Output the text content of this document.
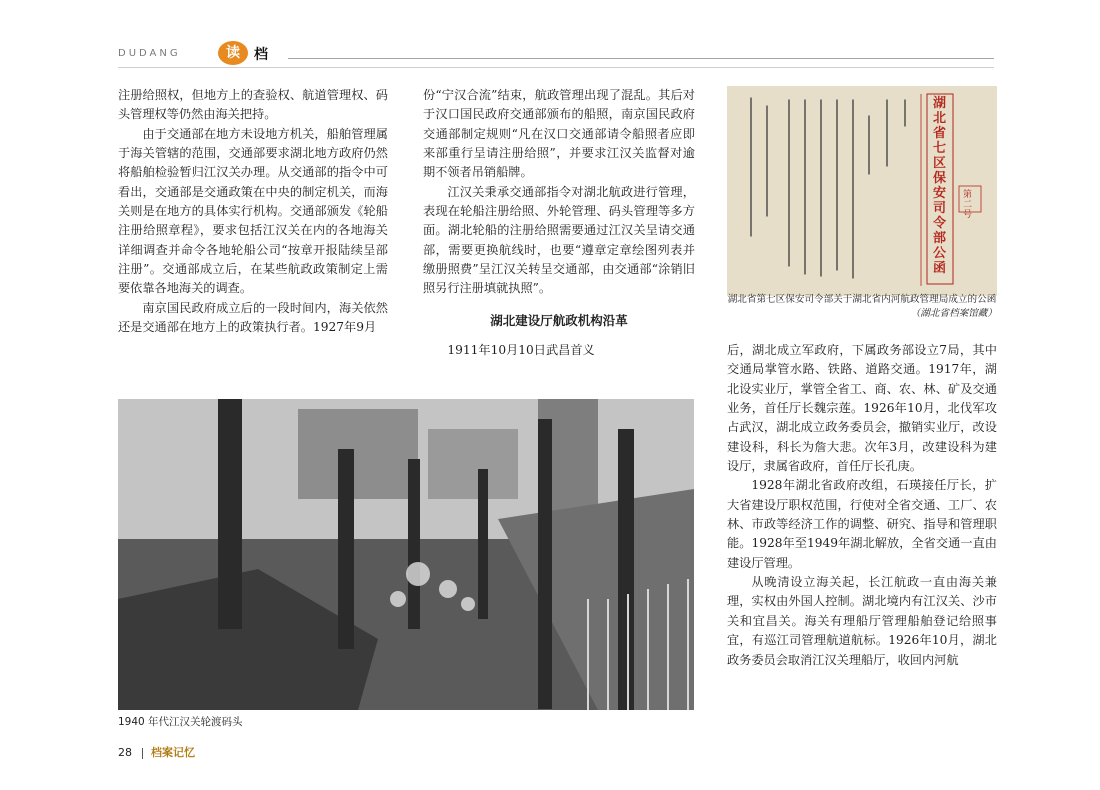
DUDANG	读	档

注册给照权，但地方上的查验权、航道管理权、码头管理权等仍然由海关把持。

由于交通部在地方未设地方机关，船舶管理属于海关管辖的范围，交通部要求湖北地方政府仍然将船舶检验暂归江汉关办理。从交通部的指令中可看出，交通部是交通政策在中央的制定机关，而海关则是在地方的具体实行机构。交通部颁发《轮船注册给照章程》，要求包括江汉关在内的各地海关详细调查并命令各地轮船公司“按章开报陆续呈部注册”。交通部成立后，在某些航政政策制定上需要依靠各地海关的调查。

南京国民政府成立后的一段时间内，海关依然还是交通部在地方上的政策执行者。1927年9月

份“宁汉合流”结束，航政管理出现了混乱。其后对于汉口国民政府交通部颁布的船照，南京国民政府交通部制定规则“凡在汉口交通部请令船照者应即来部重行呈请注册给照”，并要求江汉关监督对逾期不领者吊销船牌。

江汉关秉承交通部指令对湖北航政进行管理，表现在轮船注册给照、外轮管理、码头管理等多方面。湖北轮船的注册给照需要通过江汉关呈请交通部，需要更换航线时，也要“遵章定章绘图列表并缴册照费”呈江汉关转呈交通部，由交通部“涂销旧照另行注册填就执照”。

湖北建设厅航政机构沿革

1911年10月10日武昌首义

湖北省七区保安司令部公函
第二号

湖北省第七区保安司令部关于湖北省内河航政管理局成立的公函

（湖北省档案馆藏）

后，湖北成立军政府，下属政务部设立7局，其中交通局掌管水路、铁路、道路交通。1917年，湖北设实业厅，掌管全省工、商、农、林、矿及交通业务，首任厅长魏宗莲。1926年10月，北伐军攻占武汉，湖北成立政务委员会，撤销实业厅，改设建设科，科长为詹大悲。次年3月，改建设科为建设厅，隶属省政府，首任厅长孔庚。

1928年湖北省政府改组，石瑛接任厅长，扩大省建设厅职权范围，行使对全省交通、工厂、农林、市政等经济工作的调整、研究、指导和管理职能。1928年至1949年湖北解放，全省交通一直由建设厅管理。

从晚清设立海关起，长江航政一直由海关兼理，实权由外国人控制。湖北境内有江汉关、沙市关和宜昌关。海关有理船厅管理船舶登记给照事宜，有巡江司管理航道航标。1926年10月，湖北政务委员会取消江汉关理船厅，收回内河航

1940 年代江汉关轮渡码头
28 档案记忆
